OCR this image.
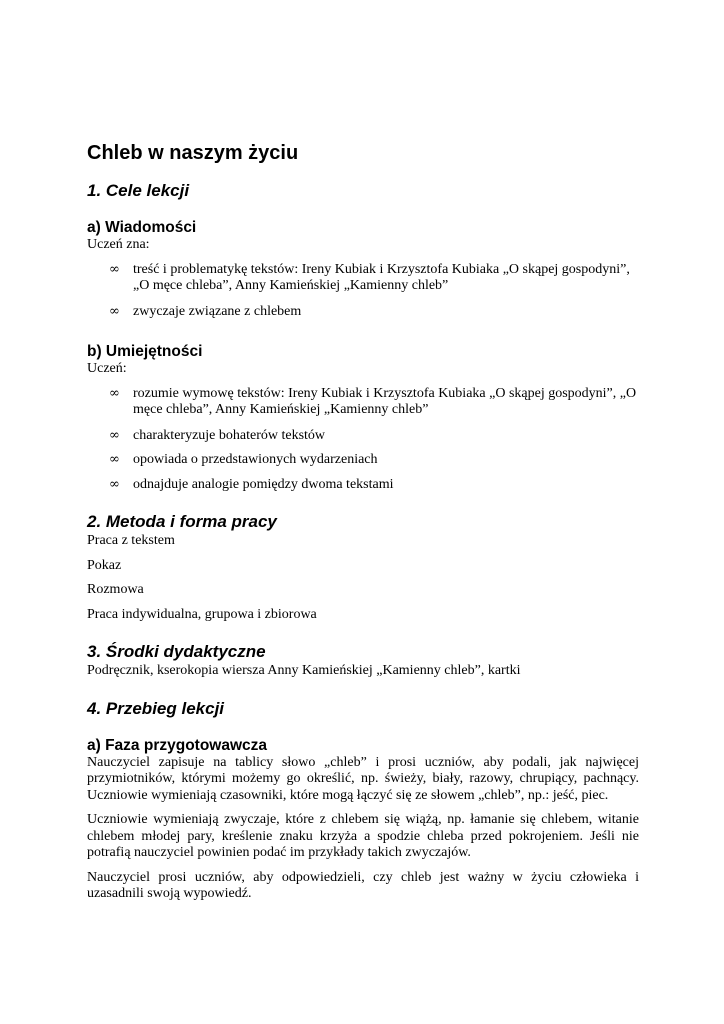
Chleb w naszym życiu
1. Cele lekcji
a) Wiadomości
Uczeń zna:
∞ treść i problematykę tekstów: Ireny Kubiak i Krzysztofa Kubiaka „O skąpej gospodyni”, „O męce chleba”, Anny Kamieńskiej „Kamienny chleb”
∞ zwyczaje związane z chlebem
b) Umiejętności
Uczeń:
∞ rozumie wymowę tekstów: Ireny Kubiak i Krzysztofa Kubiaka „O skąpej gospodyni”, „O męce chleba”, Anny Kamieńskiej „Kamienny chleb”
∞ charakteryzuje bohaterów tekstów
∞ opowiada o przedstawionych wydarzeniach
∞ odnajduje analogie pomiędzy dwoma tekstami
2. Metoda i forma pracy
Praca z tekstem
Pokaz
Rozmowa
Praca indywidualna, grupowa i zbiorowa
3. Środki dydaktyczne
Podręcznik, kserokopia wiersza Anny Kamieńskiej „Kamienny chleb”, kartki
4. Przebieg lekcji
a) Faza przygotowawcza
Nauczyciel zapisuje na tablicy słowo „chleb” i prosi uczniów, aby podali, jak najwięcej przymiotników, którymi możemy go określić, np. świeży, biały, razowy, chrupiący, pachnący. Uczniowie wymieniają czasowniki, które mogą łączyć się ze słowem „chleb”, np.: jeść, piec.
Uczniowie wymieniają zwyczaje, które z chlebem się wiążą, np. łamanie się chlebem, witanie chlebem młodej pary, kreślenie znaku krzyża a spodzie chleba przed pokrojeniem. Jeśli nie potrafią nauczyciel powinien podać im przykłady takich zwyczajów.
Nauczyciel prosi uczniów, aby odpowiedzieli, czy chleb jest ważny w życiu człowieka i uzasadnili swoją wypowiedź.
